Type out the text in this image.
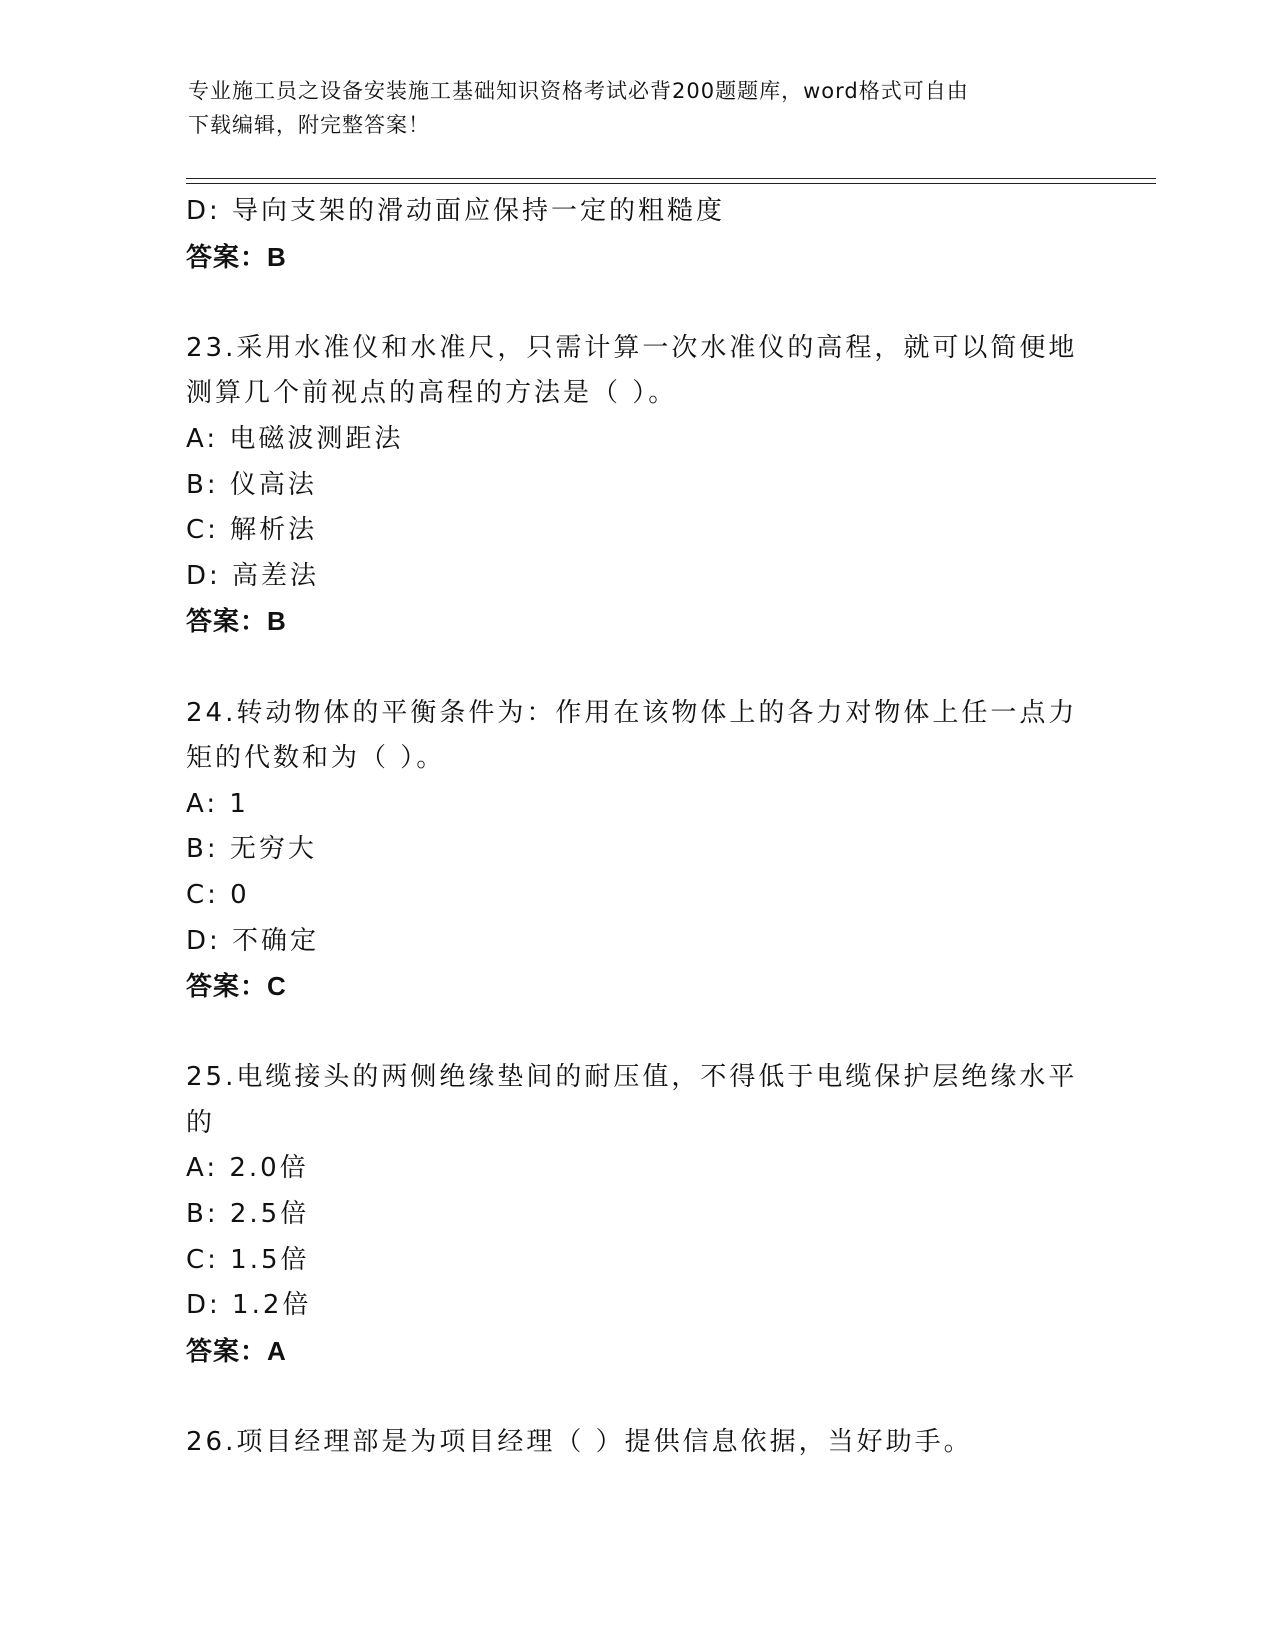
专业施工员之设备安装施工基础知识资格考试必背200题题库，word格式可自由
下载编辑，附完整答案！
D: 导向支架的滑动面应保持一定的粗糙度
答案：B
23.采用水准仪和水准尺，只需计算一次水准仪的高程，就可以简便地
测算几个前视点的高程的方法是（ ）。
A: 电磁波测距法
B: 仪高法
C: 解析法
D: 高差法
答案：B
24.转动物体的平衡条件为：作用在该物体上的各力对物体上任一点力
矩的代数和为（ ）。
A: 1
B: 无穷大
C: 0
D: 不确定
答案：C
25.电缆接头的两侧绝缘垫间的耐压值，不得低于电缆保护层绝缘水平
的
A: 2.0倍
B: 2.5倍
C: 1.5倍
D: 1.2倍
答案：A
26.项目经理部是为项目经理（ ）提供信息依据，当好助手。
